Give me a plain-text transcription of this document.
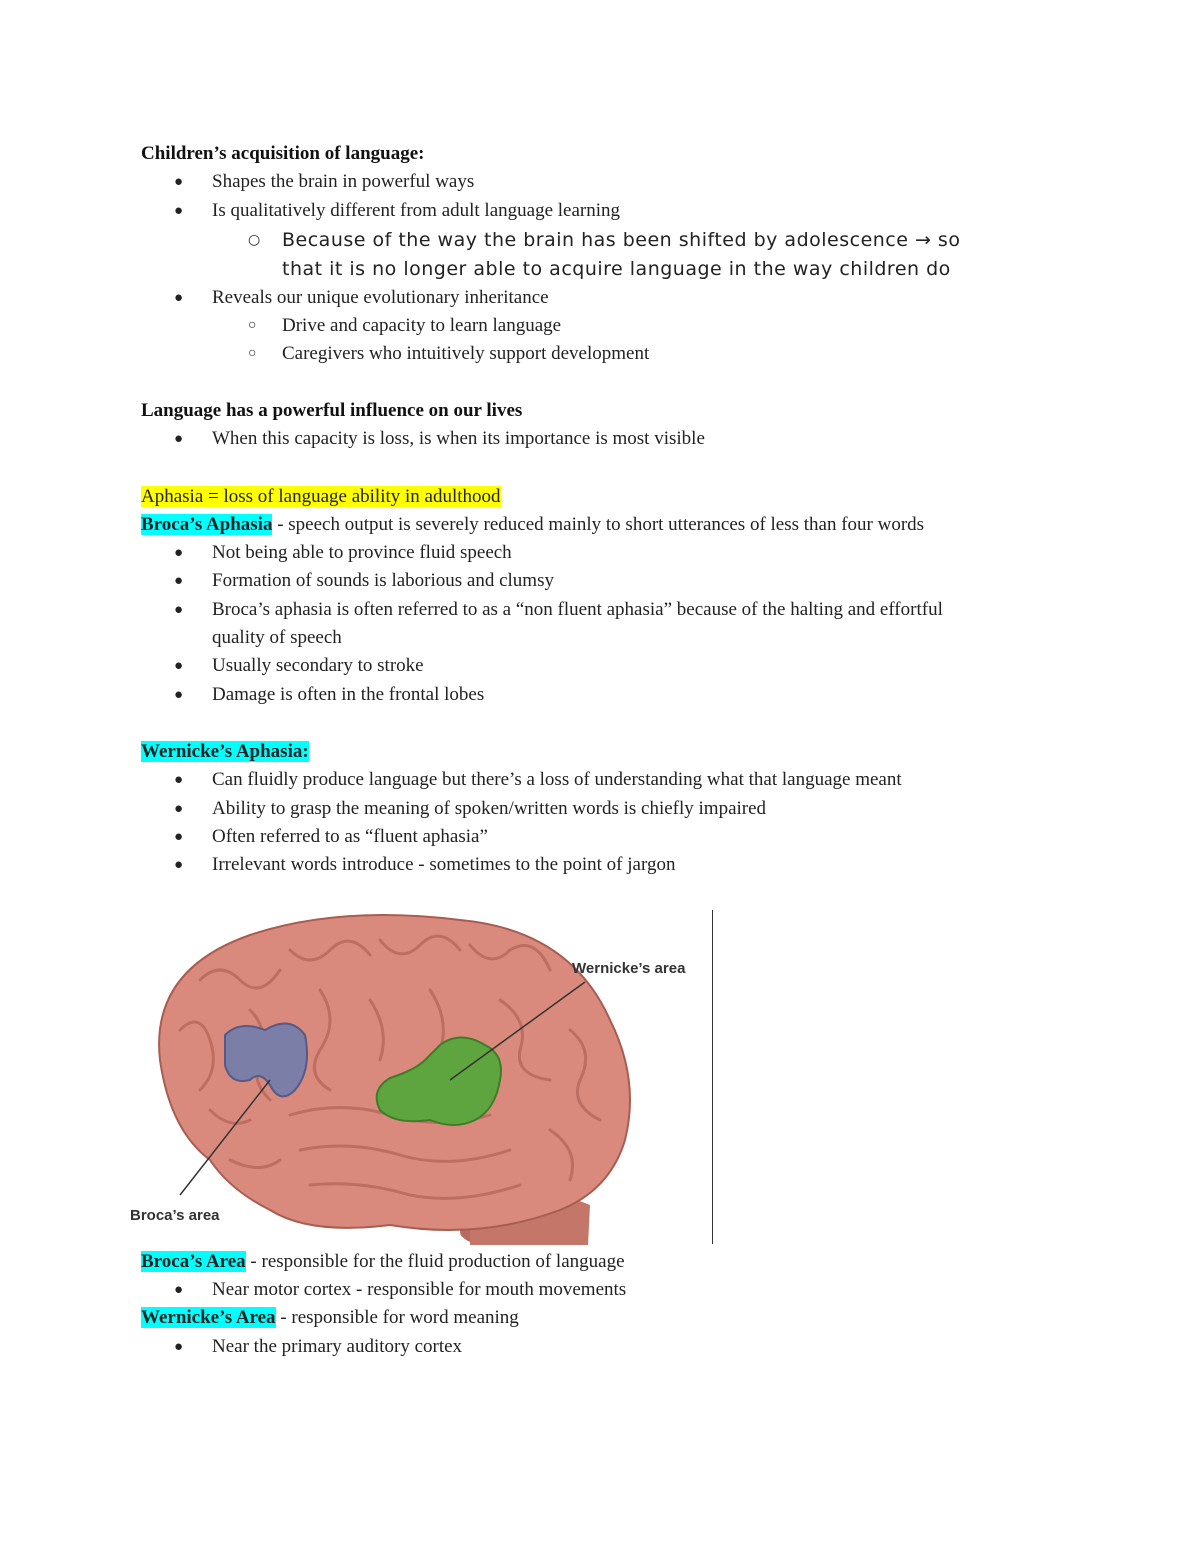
Children’s acquisition of language:
● Shapes the brain in powerful ways
● Is qualitatively different from adult language learning
○ Because of the way the brain has been shifted by adolescence → so
that it is no longer able to acquire language in the way children do
● Reveals our unique evolutionary inheritance
○ Drive and capacity to learn language
○ Caregivers who intuitively support development
Language has a powerful influence on our lives
● When this capacity is loss, is when its importance is most visible
Aphasia = loss of language ability in adulthood
Broca’s Aphasia - speech output is severely reduced mainly to short utterances of less than four words
● Not being able to province fluid speech
● Formation of sounds is laborious and clumsy
● Broca’s aphasia is often referred to as a “non fluent aphasia” because of the halting and effortful
quality of speech
● Usually secondary to stroke
● Damage is often in the frontal lobes
Wernicke’s Aphasia:
● Can fluidly produce language but there’s a loss of understanding what that language meant
● Ability to grasp the meaning of spoken/written words is chiefly impaired
● Often referred to as “fluent aphasia”
● Irrelevant words introduce - sometimes to the point of jargon
Wernicke’s area
Broca’s area
Broca’s Area - responsible for the fluid production of language
● Near motor cortex - responsible for mouth movements
Wernicke’s Area - responsible for word meaning
● Near the primary auditory cortex
